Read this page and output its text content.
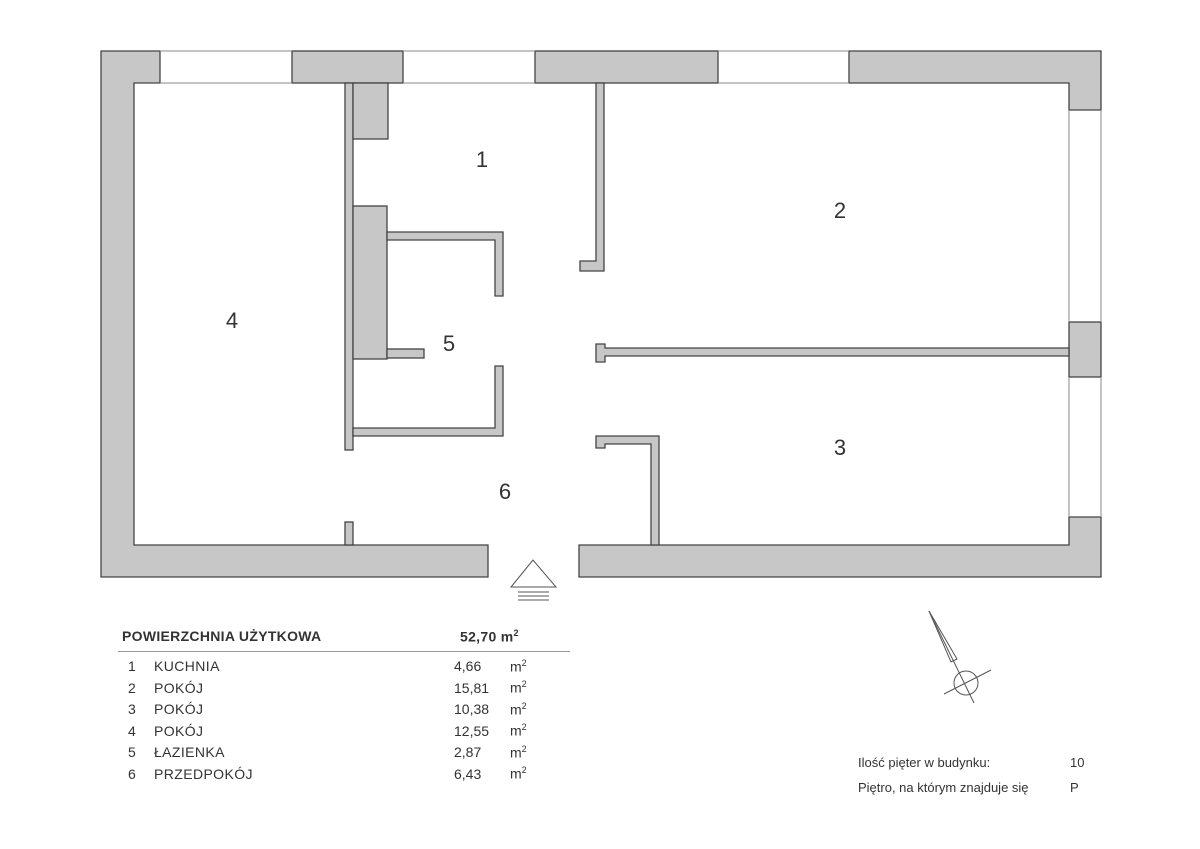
1
2
3
4
5
6
POWIERZCHNIA UŻYTKOWA	52,70 $m^2$
1	KUCHNIA	4,66	$m^2$
2	POKÓJ	15,81	$m^2$
3	POKÓJ	10,38	$m^2$
4	POKÓJ	12,55	$m^2$
5	ŁAZIENKA	2,87	$m^2$
6	PRZEDPOKÓJ	6,43	$m^2$
Ilość pięter w budynku:	10
Piętro, na którym znajduje się	P
